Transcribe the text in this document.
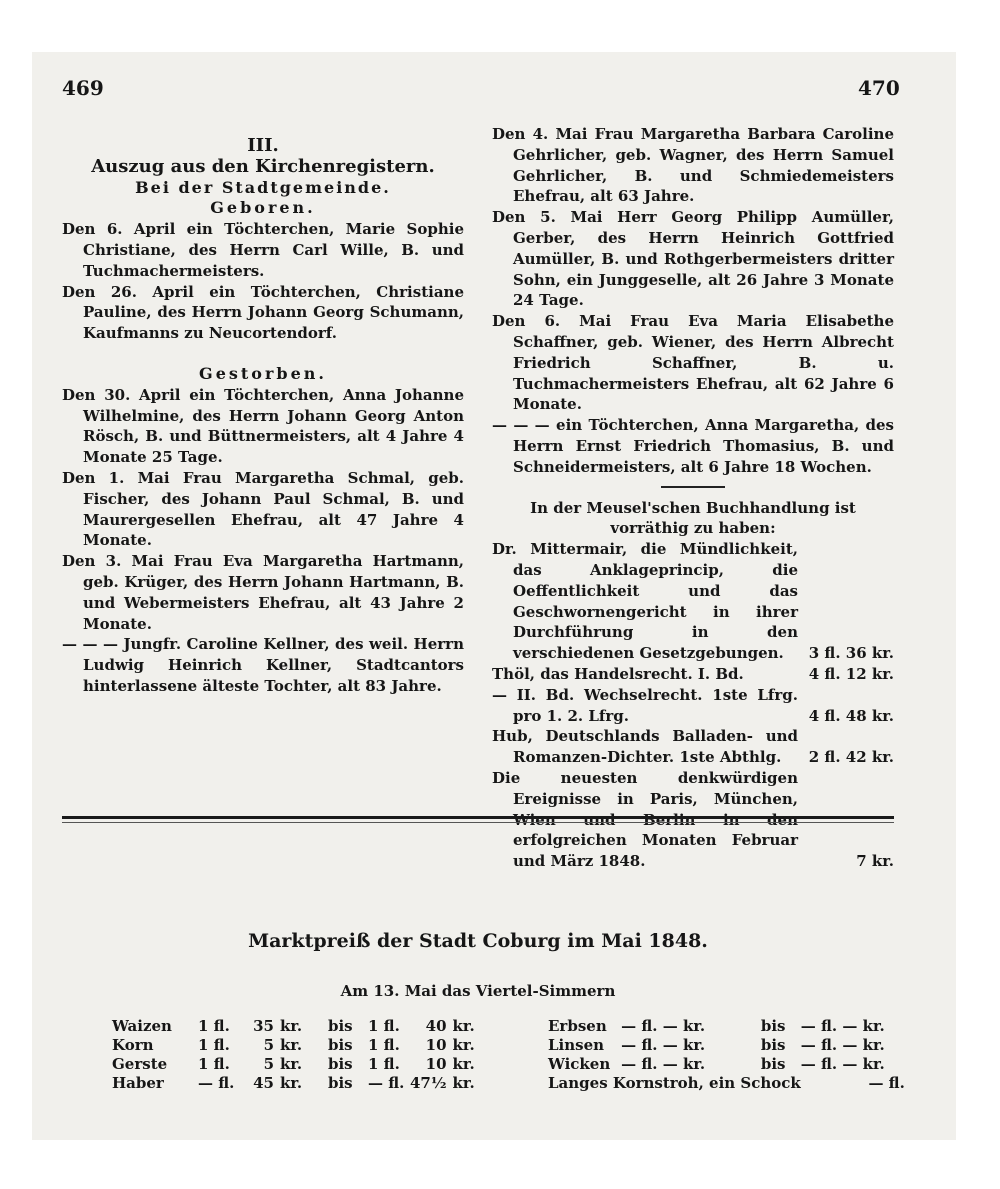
469	470

III.

Auszug aus den Kirchenregistern.

Bei der Stadtgemeinde.

Geboren.

Den 6. April ein Töchterchen, Marie Sophie Christiane, des Herrn Carl Wille, B. und Tuchmachermeisters.

Den 26. April ein Töchterchen, Christiane Pauline, des Herrn Johann Georg Schumann, Kaufmanns zu Neucortendorf.

Gestorben.

Den 30. April ein Töchterchen, Anna Johanne Wilhelmine, des Herrn Johann Georg Anton Rösch, B. und Büttnermeisters, alt 4 Jahre 4 Monate 25 Tage.

Den 1. Mai Frau Margaretha Schmal, geb. Fischer, des Johann Paul Schmal, B. und Maurergesellen Ehefrau, alt 47 Jahre 4 Monate.

Den 3. Mai Frau Eva Margaretha Hartmann, geb. Krüger, des Herrn Johann Hartmann, B. und Webermeisters Ehefrau, alt 43 Jahre 2 Monate.

— — — Jungfr. Caroline Kellner, des weil. Herrn Ludwig Heinrich Kellner, Stadtcantors hinterlassene älteste Tochter, alt 83 Jahre.

Den 4. Mai Frau Margaretha Barbara Caroline Gehrlicher, geb. Wagner, des Herrn Samuel Gehrlicher, B. und Schmiedemeisters Ehefrau, alt 63 Jahre.

Den 5. Mai Herr Georg Philipp Aumüller, Gerber, des Herrn Heinrich Gottfried Aumüller, B. und Rothgerbermeisters dritter Sohn, ein Junggeselle, alt 26 Jahre 3 Monate 24 Tage.

Den 6. Mai Frau Eva Maria Elisabethe Schaffner, geb. Wiener, des Herrn Albrecht Friedrich Schaffner, B. u. Tuchmachermeisters Ehefrau, alt 62 Jahre 6 Monate.

— — — ein Töchterchen, Anna Margaretha, des Herrn Ernst Friedrich Thomasius, B. und Schneidermeisters, alt 6 Jahre 18 Wochen.

In der Meusel'schen Buchhandlung ist vorräthig zu haben:

Dr. Mittermair, die Mündlichkeit, das Anklageprincip, die Oeffentlichkeit und das Geschwornengericht in ihrer Durchführung in den verschiedenen Gesetzgebungen.	3 fl. 36 kr.

Thöl, das Handelsrecht. I. Bd.	4 fl. 12 kr.

— II. Bd. Wechselrecht. 1ste Lfrg. pro 1. 2. Lfrg.	4 fl. 48 kr.

Hub, Deutschlands Balladen- und Romanzen-Dichter. 1ste Abthlg.	2 fl. 42 kr.

Die neuesten denkwürdigen Ereignisse in Paris, München, Wien und Berlin in den erfolgreichen Monaten Februar und März 1848.	7 kr.
Marktpreiß der Stadt Coburg im Mai 1848.
Am 13. Mai das Viertel-Simmern
Waizen	1 fl.	35	kr.	bis	1 fl.	40	kr.
Korn	1 fl.	5	kr.	bis	1 fl.	10	kr.
Gerste	1 fl.	5	kr.	bis	1 fl.	10	kr.
Haber	— fl.	45	kr.	bis	— fl.	47½	kr.
Erbsen	— fl. — kr.	bis	— fl. — kr.
Linsen	— fl. — kr.	bis	— fl. — kr.
Wicken	— fl. — kr.	bis	— fl. — kr.
Langes Kornstroh, ein Schock			— fl.
